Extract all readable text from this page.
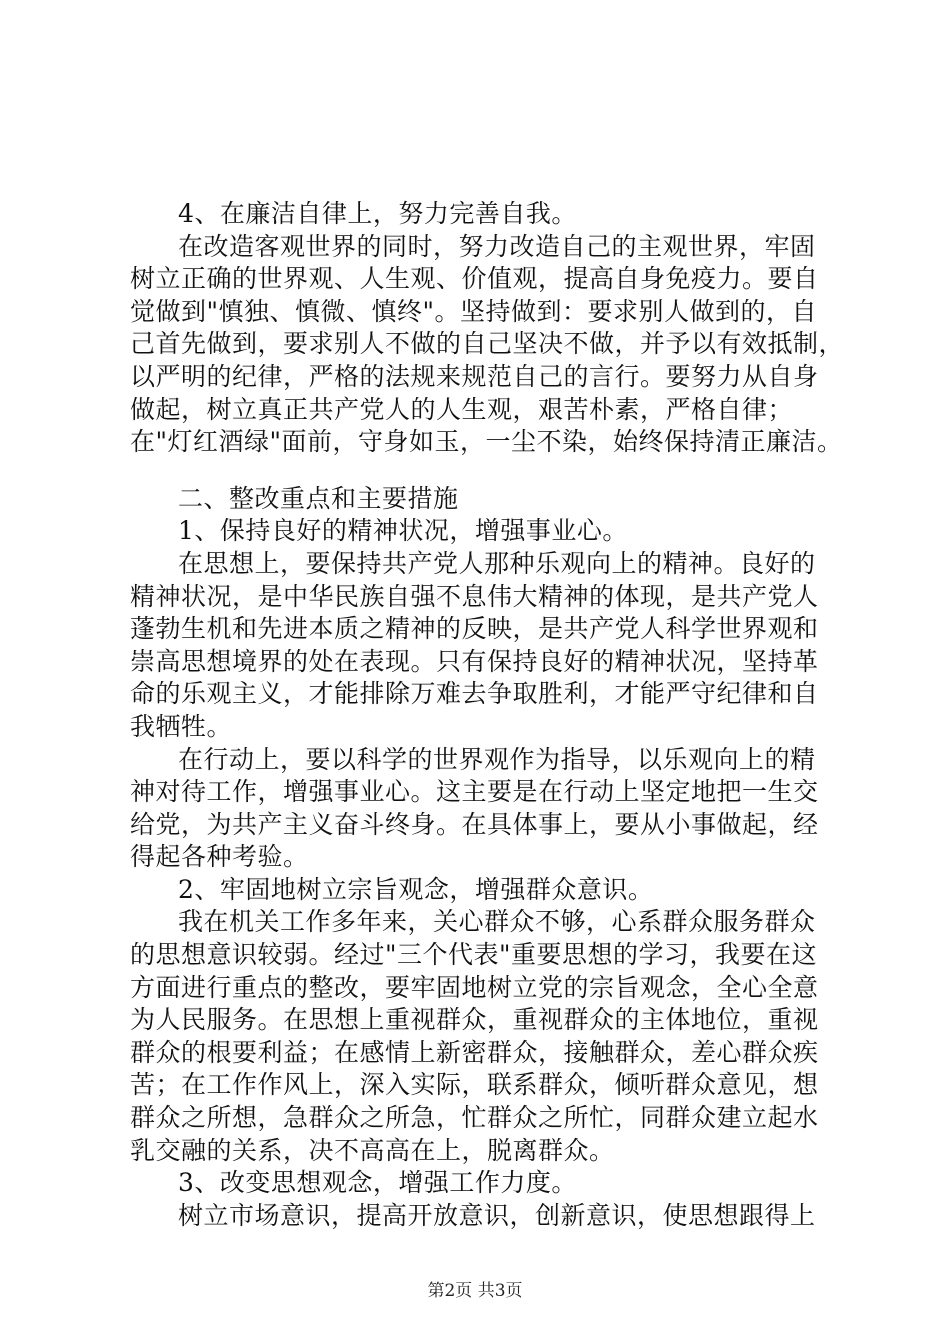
4、在廉洁自律上，努力完善自我。
在改造客观世界的同时，努力改造自己的主观世界，牢固
树立正确的世界观、人生观、价值观，提高自身免疫力。要自
觉做到"慎独、慎微、慎终"。坚持做到：要求别人做到的，自
己首先做到，要求别人不做的自己坚决不做，并予以有效抵制，
以严明的纪律，严格的法规来规范自己的言行。要努力从自身
做起，树立真正共产党人的人生观，艰苦朴素，严格自律；
在"灯红酒绿"面前，守身如玉，一尘不染，始终保持清正廉洁。
二、整改重点和主要措施
1、保持良好的精神状况，增强事业心。
在思想上，要保持共产党人那种乐观向上的精神。良好的
精神状况，是中华民族自强不息伟大精神的体现，是共产党人
蓬勃生机和先进本质之精神的反映，是共产党人科学世界观和
崇高思想境界的处在表现。只有保持良好的精神状况，坚持革
命的乐观主义，才能排除万难去争取胜利，才能严守纪律和自
我牺牲。
在行动上，要以科学的世界观作为指导，以乐观向上的精
神对待工作，增强事业心。这主要是在行动上坚定地把一生交
给党，为共产主义奋斗终身。在具体事上，要从小事做起，经
得起各种考验。
2、牢固地树立宗旨观念，增强群众意识。
我在机关工作多年来，关心群众不够，心系群众服务群众
的思想意识较弱。经过"三个代表"重要思想的学习，我要在这
方面进行重点的整改，要牢固地树立党的宗旨观念，全心全意
为人民服务。在思想上重视群众，重视群众的主体地位，重视
群众的根要利益；在感情上新密群众，接触群众，差心群众疾
苦；在工作作风上，深入实际，联系群众，倾听群众意见，想
群众之所想，急群众之所急，忙群众之所忙，同群众建立起水
乳交融的关系，决不高高在上，脱离群众。
3、改变思想观念，增强工作力度。
树立市场意识，提高开放意识，创新意识，使思想跟得上
第2页 共3页
